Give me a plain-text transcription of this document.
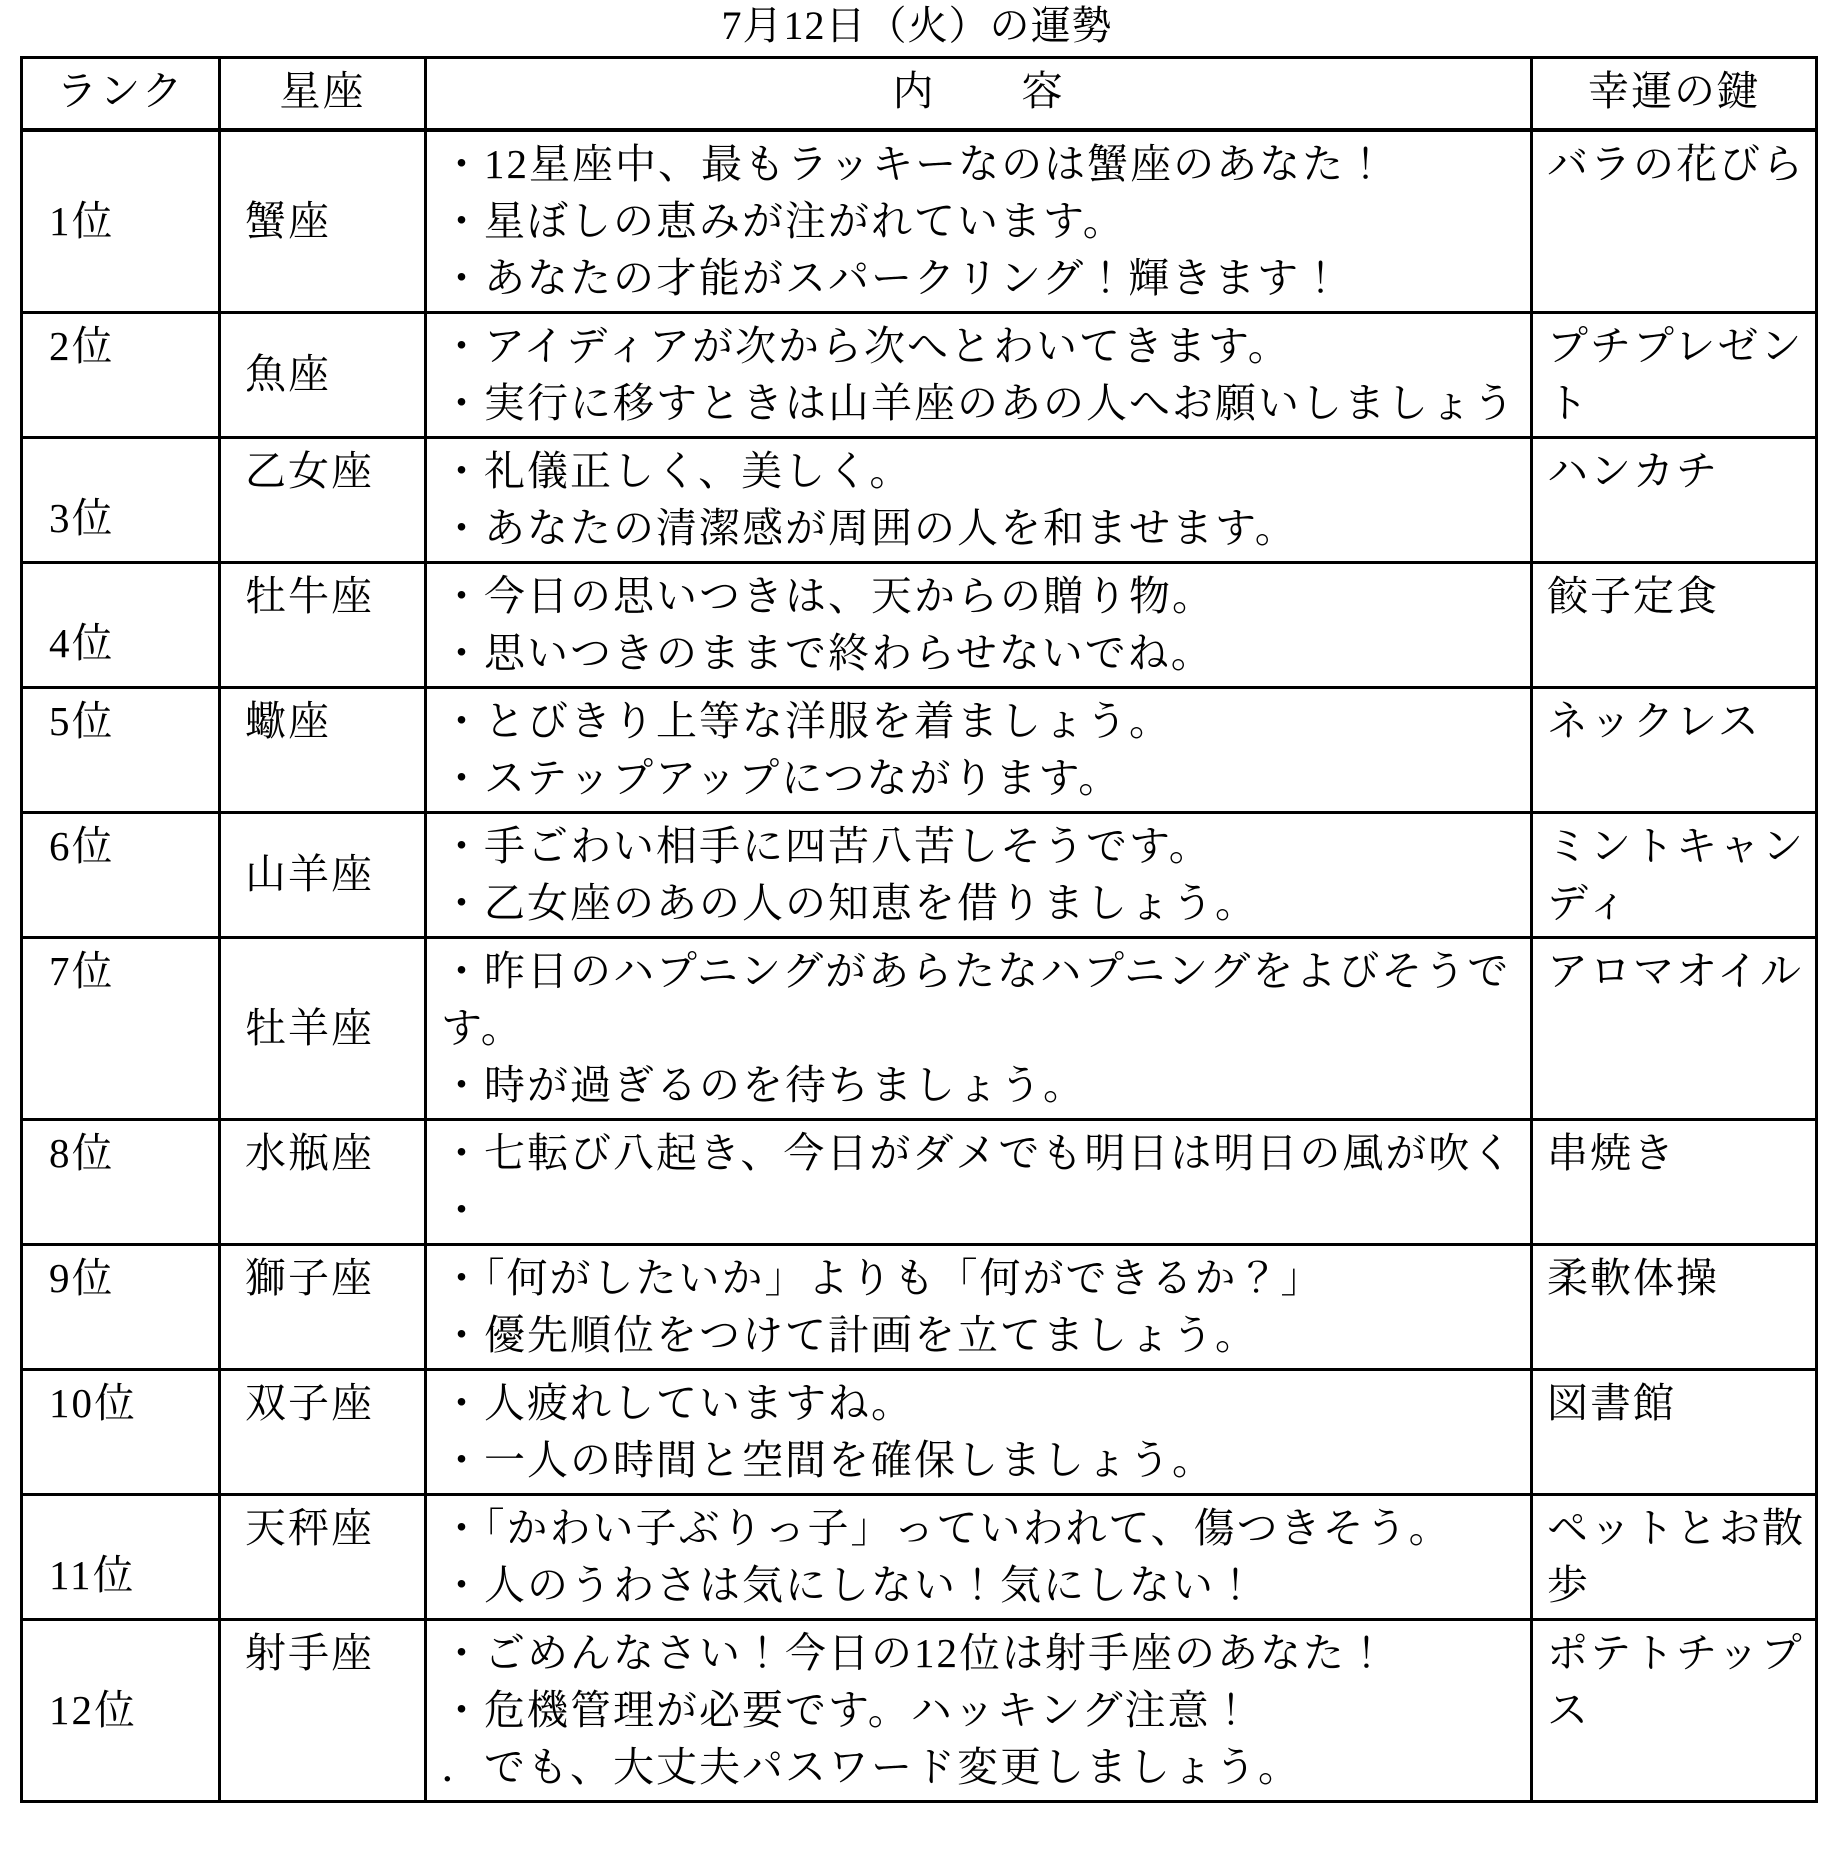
7月12日（火）の運勢
ランク	星座	内　　容	幸運の鍵
1位	蟹座	・12星座中、最もラッキーなのは蟹座のあなた！
・星ぼしの恵みが注がれています。
・あなたの才能がスパークリング！輝きます！	バラの花びら
2位	魚座	・アイディアが次から次へとわいてきます。
・実行に移すときは山羊座のあの人へお願いしましょう	プチプレゼント
3位	乙女座	・礼儀正しく、美しく。
・あなたの清潔感が周囲の人を和ませます。	ハンカチ
4位	牡牛座	・今日の思いつきは、天からの贈り物。
・思いつきのままで終わらせないでね。	餃子定食
5位	蠍座	・とびきり上等な洋服を着ましょう。
・ステップアップにつながります。	ネックレス
6位	山羊座	・手ごわい相手に四苦八苦しそうです。
・乙女座のあの人の知恵を借りましょう。	ミントキャンディ
7位	牡羊座	・昨日のハプニングがあらたなハプニングをよびそうです。
・時が過ぎるのを待ちましょう。	アロマオイル
8位	水瓶座	・七転び八起き、今日がダメでも明日は明日の風が吹く
・	串焼き
9位	獅子座	・「何がしたいか」よりも「何ができるか？」
・優先順位をつけて計画を立てましょう。	柔軟体操
10位	双子座	・人疲れしていますね。
・一人の時間と空間を確保しましょう。	図書館
11位	天秤座	・「かわい子ぶりっ子」っていわれて、傷つきそう。
・人のうわさは気にしない！気にしない！	ペットとお散歩
12位	射手座	・ごめんなさい！今日の12位は射手座のあなた！
・危機管理が必要です。ハッキング注意！
．でも、大丈夫パスワード変更しましょう。	ポテトチップス
